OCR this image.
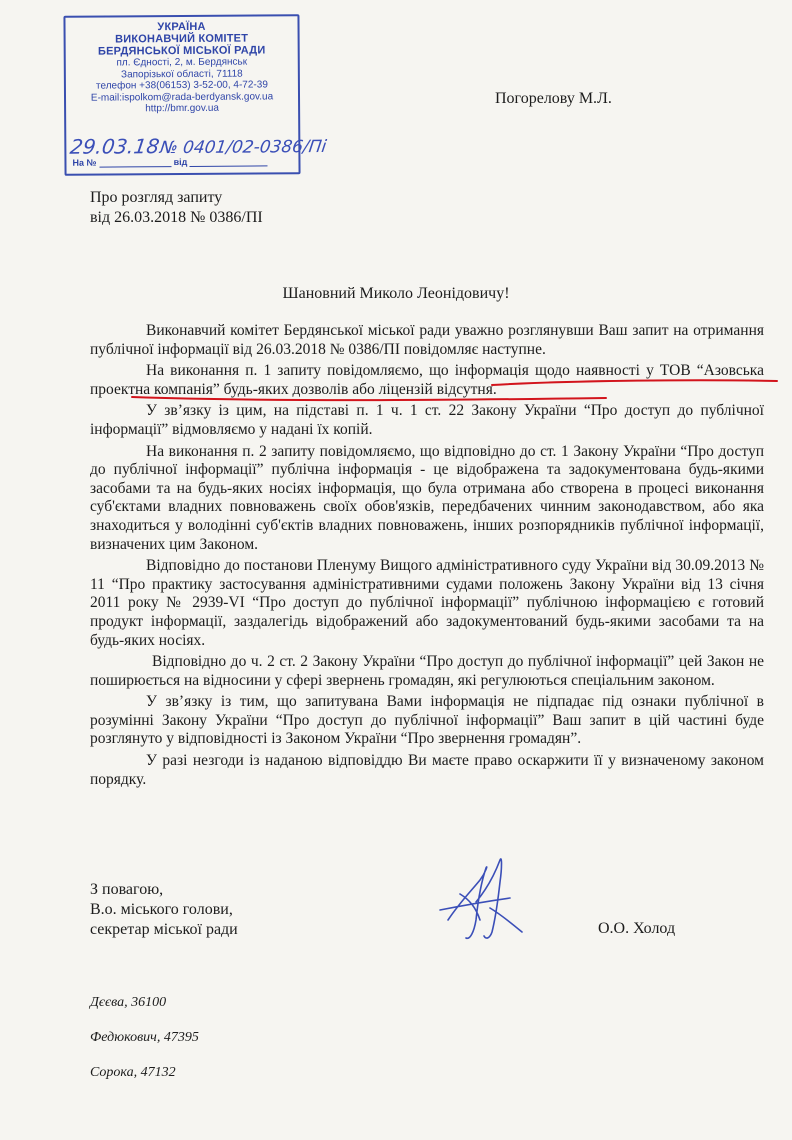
УКРАЇНА
ВИКОНАВЧИЙ КОМІТЕТ
БЕРДЯНСЬКОЇ МІСЬКОЇ РАДИ
пл. Єдності, 2, м. Бердянськ
Запорізької області, 71118
телефон +38(06153) 3-52-00, 4-72-39
E-mail:ispolkom@rada-berdyansk.gov.ua
http://bmr.gov.ua
29.03.18
№ 0401/02-0386/Пі
На №	від
Погорелову М.Л.
Про розгляд запиту
від 26.03.2018 № 0386/ПІ
Шановний Миколо Леонідовичу!

Виконавчий комітет Бердянської міської ради уважно розглянувши Ваш запит на отримання публічної інформації від 26.03.2018 № 0386/ПІ повідомляє наступне.

На виконання п. 1 запиту повідомляємо, що інформація щодо наявності у ТОВ “Азовська проектна компанія” будь-яких дозволів або ліцензій відсутня.

У зв’язку із цим, на підставі п. 1 ч. 1 ст. 22 Закону України “Про доступ до публічної інформації” відмовляємо у надані їх копій.

На виконання п. 2 запиту повідомляємо, що відповідно до ст. 1 Закону України “Про доступ до публічної інформації” публічна інформація - це відображена та задокументована будь-якими засобами та на будь-яких носіях інформація, що була отримана або створена в процесі виконання суб'єктами владних повноважень своїх обов'язків, передбачених чинним законодавством, або яка знаходиться у володінні суб'єктів владних повноважень, інших розпорядників публічної інформації, визначених цим Законом.

Відповідно до постанови Пленуму Вищого адміністративного суду України від 30.09.2013 № 11 “Про практику застосування адміністративними судами положень Закону України від 13 січня 2011 року № 2939-VI “Про доступ до публічної інформації” публічною інформацією є готовий продукт інформації, заздалегідь відображений або задокументований будь-якими засобами та на будь-яких носіях.

Відповідно до ч. 2 ст. 2 Закону України “Про доступ до публічної інформації” цей Закон не поширюється на відносини у сфері звернень громадян, які регулюються спеціальним законом.

У зв’язку із тим, що запитувана Вами інформація не підпадає під ознаки публічної в розумінні Закону України “Про доступ до публічної інформації” Ваш запит в цій частині буде розглянуто у відповідності із Законом України “Про звернення громадян”.

У разі незгоди із наданою відповіддю Ви маєте право оскаржити її у визначеному законом порядку.

З повагою,
В.о. міського голови,
секретар міської ради	О.О. Холод
Дєєва, 36100
Федюкович, 47395
Сорока, 47132
